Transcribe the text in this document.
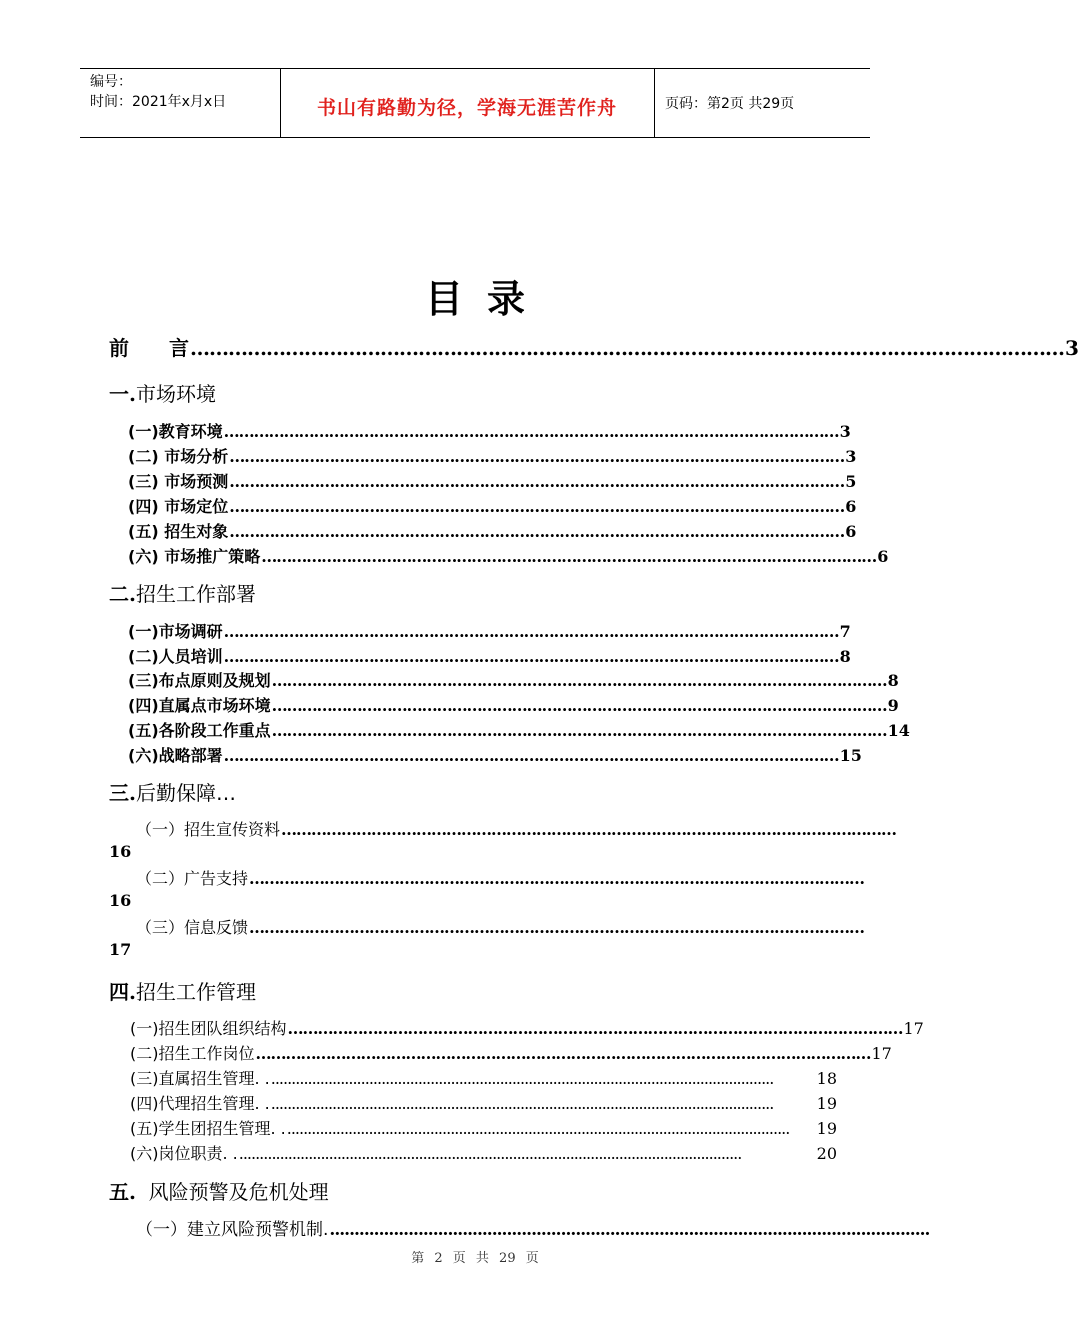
编号：
时间：2021年x月x日	书山有路勤为径，学海无涯苦作舟	页码：第2页 共29页
目录
前　　言 ………………………………………………………………………………………………………………………… 3
一.市场环境
(一)教育环境 …………………………………………………………………………………………………………… 3
(二) 市场分析 …………………………………………………………………………………………………………… 3
(三) 市场预测 …………………………………………………………………………………………………………… 5
(四) 市场定位 …………………………………………………………………………………………………………… 6
(五) 招生对象 …………………………………………………………………………………………………………… 6
(六) 市场推广策略 …………………………………………………………………………………………………………… 6
二.招生工作部署
(一)市场调研 …………………………………………………………………………………………………………… 7
(二)人员培训 …………………………………………………………………………………………………………… 8
(三)布点原则及规划 …………………………………………………………………………………………………………… 8
(四)直属点市场环境 …………………………………………………………………………………………………………… 9
(五)各阶段工作重点 …………………………………………………………………………………………………………… 14
(六)战略部署 …………………………………………………………………………………………………………… 15
三.后勤保障…
（一）招生宣传资料 ……………………………………………………………………………………………………………
16
（二）广告支持 ……………………………………………………………………………………………………………
16
（三）信息反馈 ……………………………………………………………………………………………………………
17
四.招生工作管理
(一)招生团队组织结构 …………………………………………………………………………………………………………… 17
(二)招生工作岗位 …………………………………………………………………………………………………………… 17
(三)直属招生管理. . ...........................................................................................................................	18
(四)代理招生管理. . ...........................................................................................................................	19
(五)学生团招生管理. . ...........................................................................................................................	19
(六)岗位职责. . ...........................................................................................................................	20
五.  风险预警及危机处理
（一）建立风险预警机制. ..........................................................................................................................
第 2 页 共 29 页
